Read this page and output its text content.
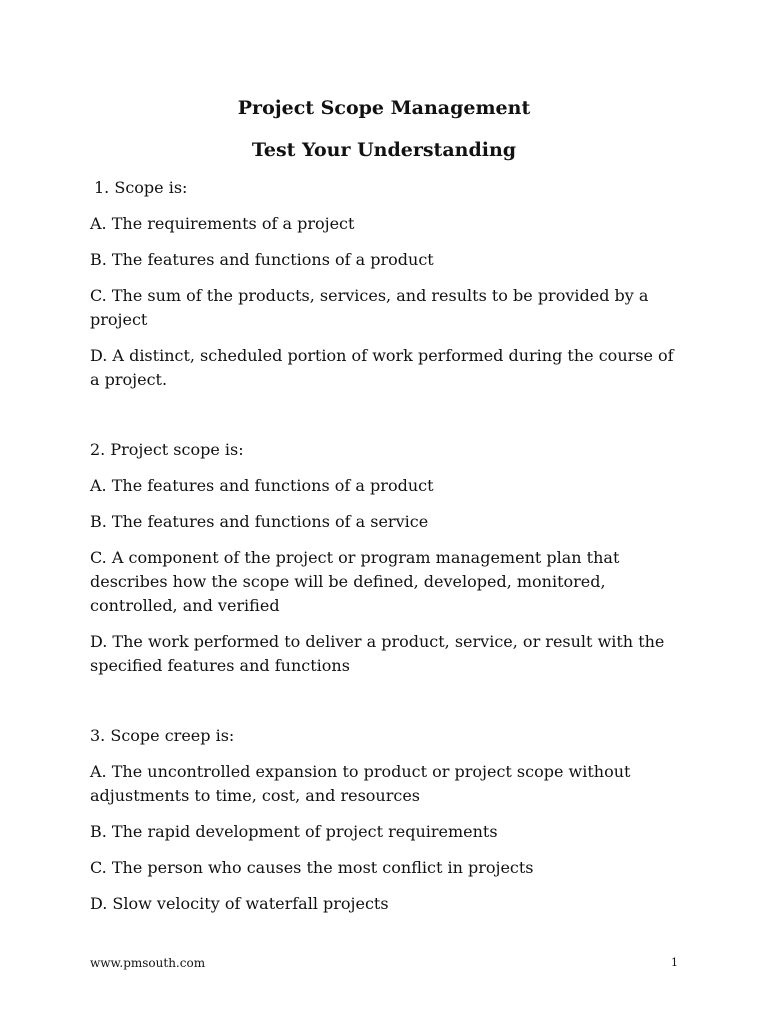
Project Scope Management
Test Your Understanding

1. Scope is:

A. The requirements of a project

B. The features and functions of a product

C. The sum of the products, services, and results to be provided by a project

D. A distinct, scheduled portion of work performed during the course of a project.

2. Project scope is:

A. The features and functions of a product

B. The features and functions of a service

C. A component of the project or program management plan that describes how the scope will be defined, developed, monitored, controlled, and verified

D. The work performed to deliver a product, service, or result with the specified features and functions

3. Scope creep is:

A. The uncontrolled expansion to product or project scope without adjustments to time, cost, and resources

B. The rapid development of project requirements

C. The person who causes the most conflict in projects

D. Slow velocity of waterfall projects

www.pmsouth.com	1
